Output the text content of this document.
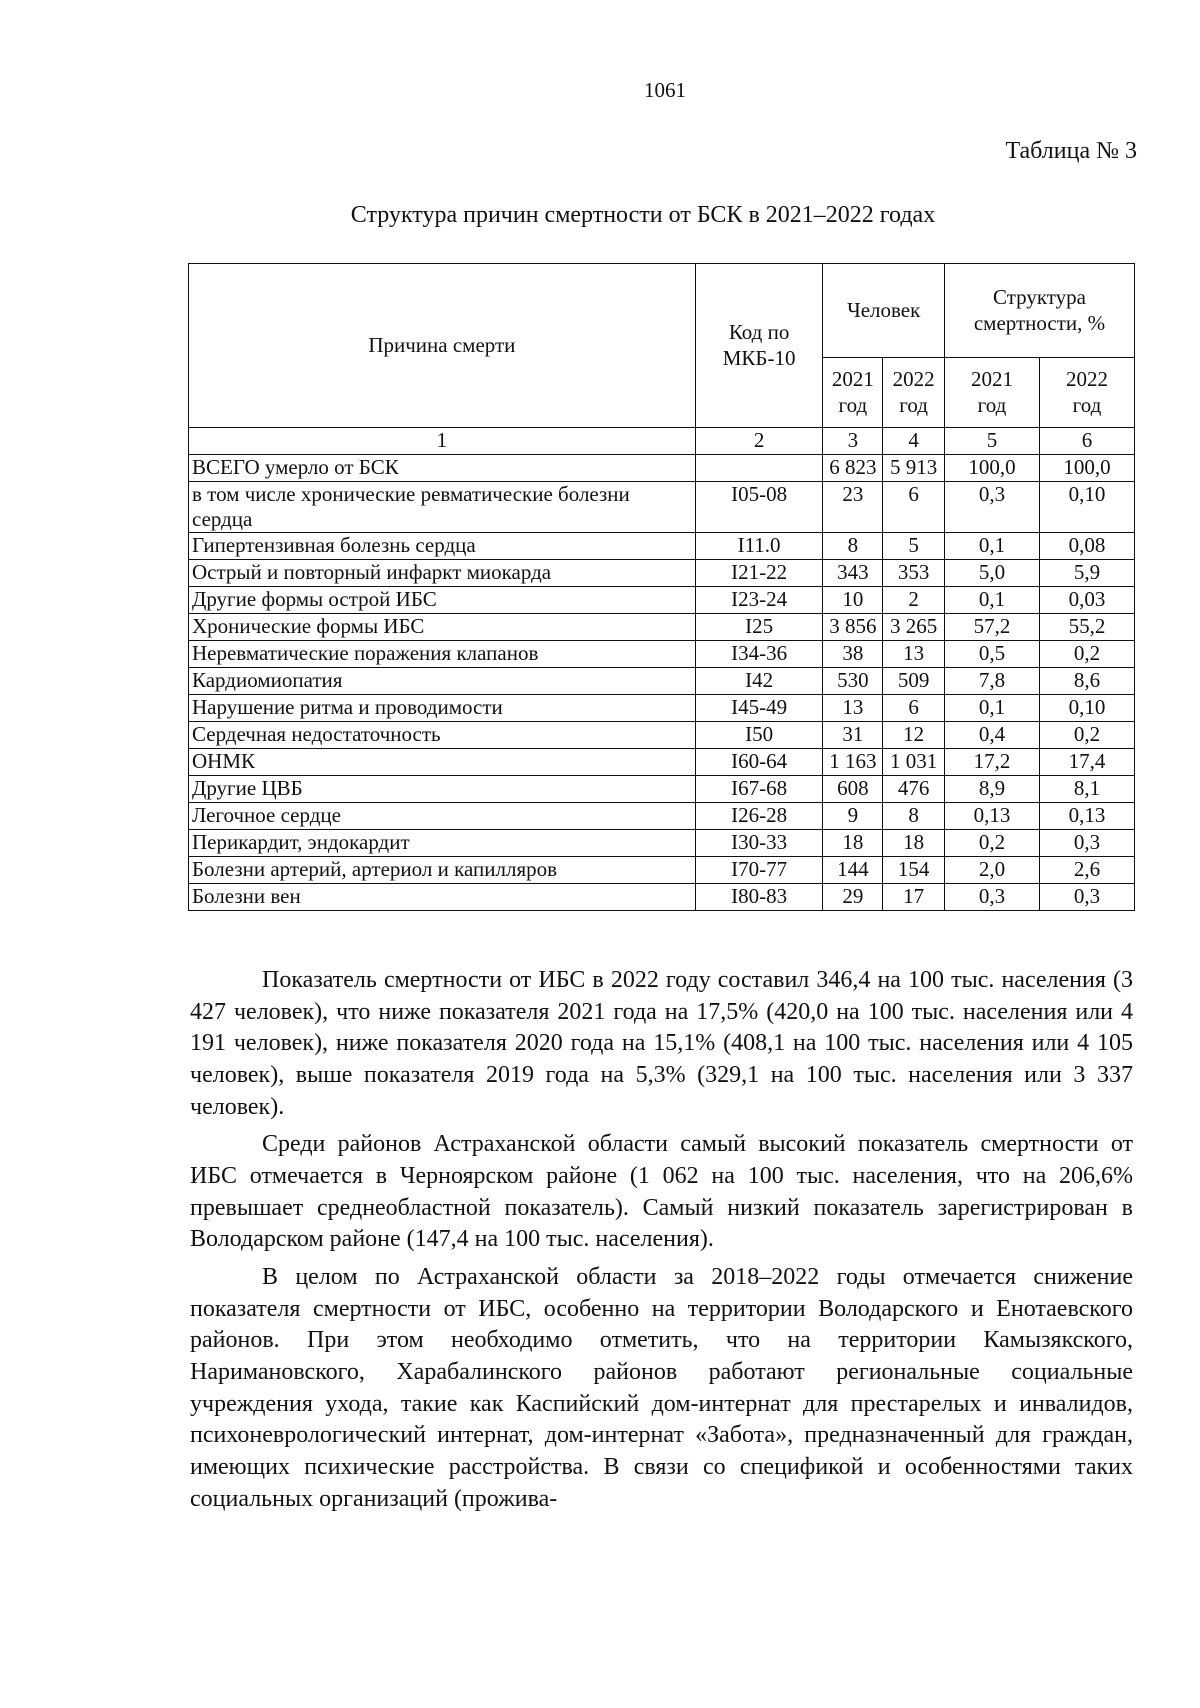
1061
Таблица № 3
Структура причин смертности от БСК в 2021–2022 годах
Причина смерти	Код по МКБ-10	Человек		Структура смертности, %	
		2021 год	2022 год	2021 год	2022 год
1	2	3	4	5	6
ВСЕГО умерло от БСК		6 823	5 913	100,0	100,0
в том числе хронические ревматические болезни сердца	I05-08	23	6	0,3	0,10
Гипертензивная болезнь сердца	I11.0	8	5	0,1	0,08
Острый и повторный инфаркт миокарда	I21-22	343	353	5,0	5,9
Другие формы острой ИБС	I23-24	10	2	0,1	0,03
Хронические формы ИБС	I25	3 856	3 265	57,2	55,2
Неревматические поражения клапанов	I34-36	38	13	0,5	0,2
Кардиомиопатия	I42	530	509	7,8	8,6
Нарушение ритма и проводимости	I45-49	13	6	0,1	0,10
Сердечная недостаточность	I50	31	12	0,4	0,2
ОНМК	I60-64	1 163	1 031	17,2	17,4
Другие ЦВБ	I67-68	608	476	8,9	8,1
Легочное сердце	I26-28	9	8	0,13	0,13
Перикардит, эндокардит	I30-33	18	18	0,2	0,3
Болезни артерий, артериол и капилляров	I70-77	144	154	2,0	2,6
Болезни вен	I80-83	29	17	0,3	0,3

Показатель смертности от ИБС в 2022 году составил 346,4 на 100 тыс. населения (3 427 человек), что ниже показателя 2021 года на 17,5% (420,0 на 100 тыс. населения или 4 191 человек), ниже показателя 2020 года на 15,1% (408,1 на 100 тыс. населения или 4 105 человек), выше показателя 2019 года на 5,3% (329,1 на 100 тыс. населения или 3 337 человек).

Среди районов Астраханской области самый высокий показатель смертности от ИБС отмечается в Черноярском районе (1 062 на 100 тыс. населения, что на 206,6% превышает среднеобластной показатель). Самый низкий показатель зарегистрирован в Володарском районе (147,4 на 100 тыс. населения).

В целом по Астраханской области за 2018–2022 годы отмечается снижение показателя смертности от ИБС, особенно на территории Володарского и Енотаевского районов. При этом необходимо отметить, что на территории Камызякского, Наримановского, Харабалинского районов работают региональные социальные учреждения ухода, такие как Каспийский дом-интернат для престарелых и инвалидов, психоневрологический интернат, дом-интернат «Забота», предназначенный для граждан, имеющих психические расстройства. В связи со спецификой и особенностями таких социальных организаций (прожива-
